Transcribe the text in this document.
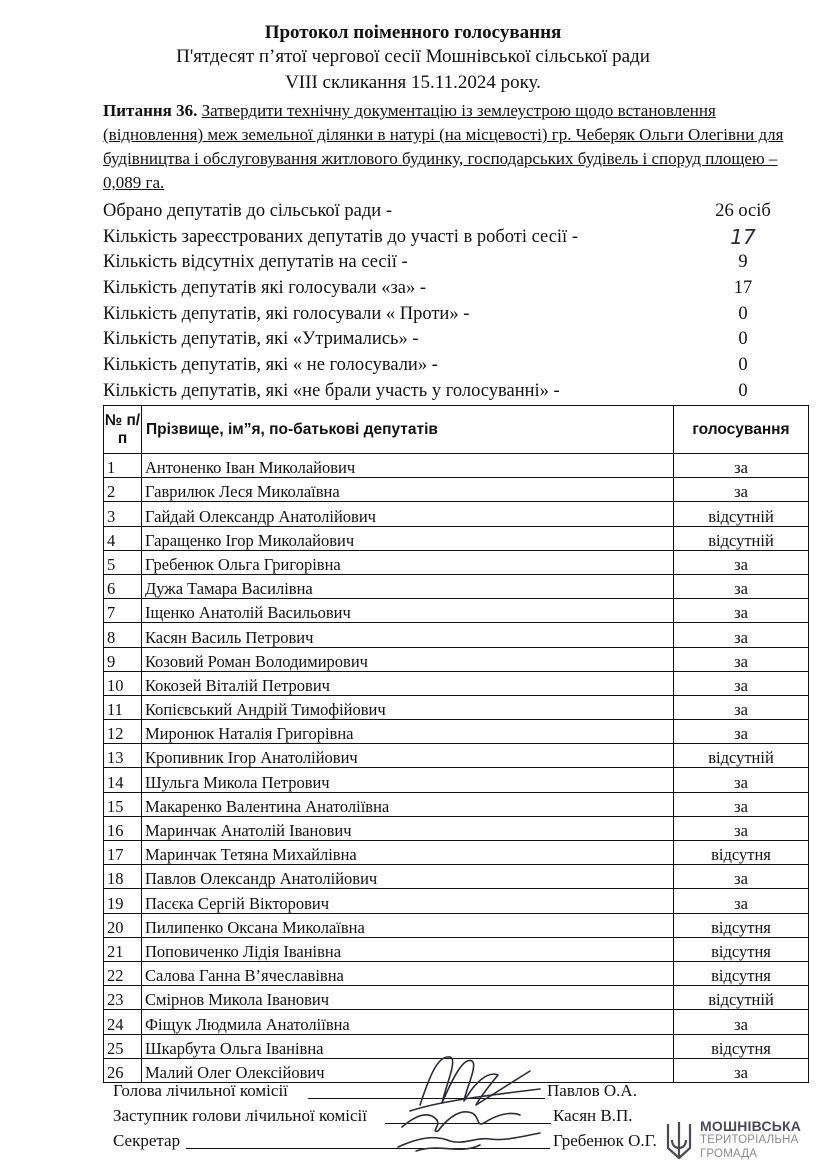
Протокол поіменного голосування
П'ятдесят п’ятої чергової сесії Мошнівської сільської ради
VIII скликання 15.11.2024 року.
Питання 36. Затвердити технічну документацію із землеустрою щодо встановлення (відновлення) меж земельної ділянки в натурі (на місцевості) гр. Чеберяк Ольги Олегівни для будівництва і обслуговування житлового будинку, господарських будівель і споруд площею – 0,089 га.
Обрано депутатів до сільської ради -	26 осіб
Кількість зареєстрованих депутатів до участі в роботі сесії -	17
Кількість відсутніх депутатів на сесії -	9
Кількість депутатів які голосували «за» -	17
Кількість депутатів, які голосували « Проти» -	0
Кількість депутатів, які «Утримались» -	0
Кількість депутатів, які « не голосували» -	0
Кількість депутатів, які «не брали участь у голосуванні» -	0
№ п/п	Прізвище, ім”я, по-батькові депутатів	голосування
1	Антоненко Іван Миколайович	за
2	Гаврилюк Леся Миколаївна	за
3	Гайдай Олександр Анатолійович	відсутній
4	Гаращенко Ігор Миколайович	відсутній
5	Гребенюк Ольга Григорівна	за
6	Дужа Тамара Василівна	за
7	Іщенко Анатолій Васильович	за
8	Касян Василь Петрович	за
9	Козовий Роман Володимирович	за
10	Кокозей Віталій Петрович	за
11	Копієвський Андрій Тимофійович	за
12	Миронюк Наталія Григорівна	за
13	Кропивник Ігор Анатолійович	відсутній
14	Шульга Микола Петрович	за
15	Макаренко Валентина Анатоліївна	за
16	Маринчак Анатолій Іванович	за
17	Маринчак Тетяна Михайлівна	відсутня
18	Павлов Олександр Анатолійович	за
19	Пасєка Сергій Вікторович	за
20	Пилипенко Оксана Миколаївна	відсутня
21	Поповиченко Лідія Іванівна	відсутня
22	Салова Ганна В’ячеславівна	відсутня
23	Смірнов Микола Іванович	відсутній
24	Фіщук Людмила Анатоліївна	за
25	Шкарбута Ольга Іванівна	відсутня
26	Малий Олег Олексійович	за
Голова лічильної комісії	Павлов О.А.
Заступник голови лічильної комісії	Касян В.П.
Секретар	Гребенюк О.Г.
МОШНІВСЬКА
ТЕРИТОРІАЛЬНА
ГРОМАДА
